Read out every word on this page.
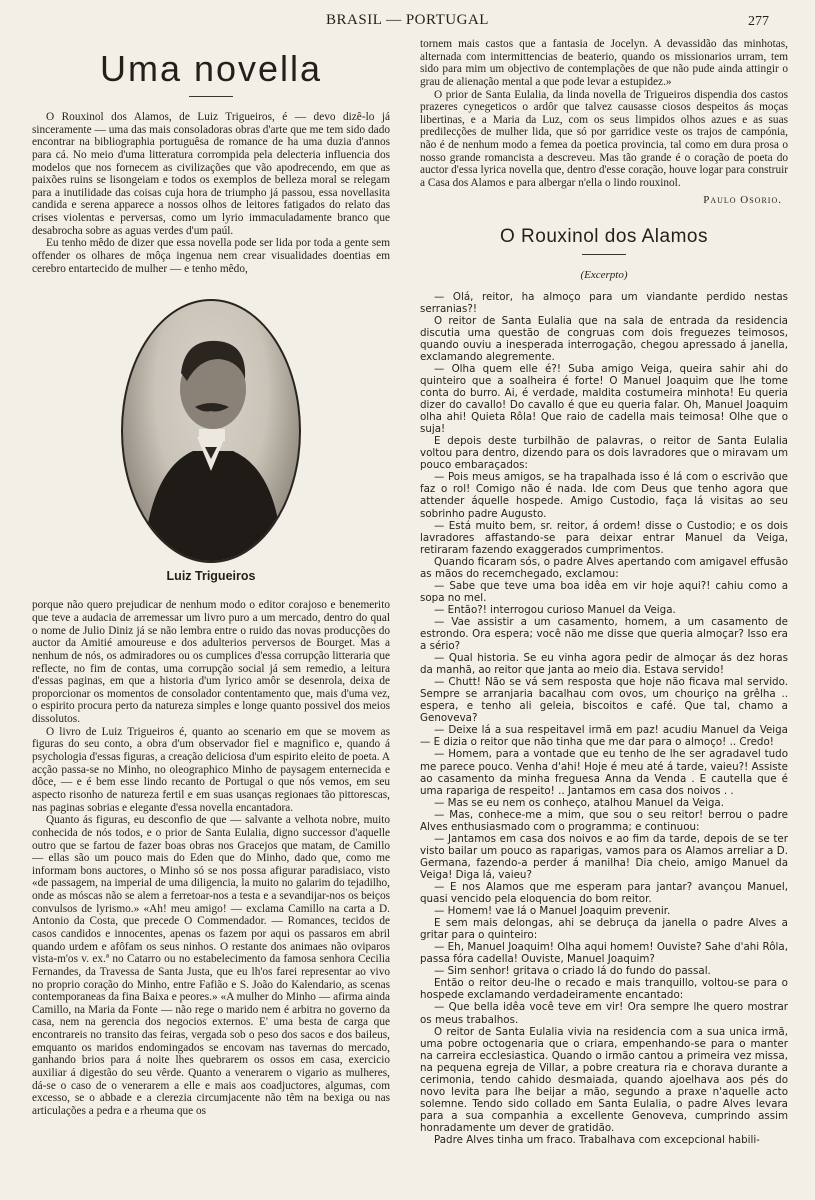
BRASIL — PORTUGAL	277
Uma novella

O Rouxinol dos Alamos, de Luiz Trigueiros, é — devo dizê-lo já sinceramente — uma das mais consoladoras obras d'arte que me tem sido dado encontrar na bibliographia portuguêsa de romance de ha uma duzia d'annos para cá. No meio d'uma litteratura corrompida pela delecteria influencia dos modelos que nos fornecem as civilizações que vão apodrecendo, em que as paixões ruins se lisongeiam e todos os exemplos de belleza moral se relegam para a inutilidade das coisas cuja hora de triumpho já passou, essa novellasita candida e serena apparece a nossos olhos de leitores fatigados do relato das crises violentas e perversas, como um lyrio immaculadamente branco que desabrocha sobre as aguas verdes d'um paúl.

Eu tenho mêdo de dizer que essa novella pode ser lida por toda a gente sem offender os olhares de môça ingenua nem crear visualidades doentias em cerebro entartecido de mulher — e tenho mêdo,

Luiz Trigueiros

porque não quero prejudicar de nenhum modo o editor corajoso e benemerito que teve a audacia de arremessar um livro puro a um mercado, dentro do qual o nome de Julio Diniz já se não lembra entre o ruido das novas producções do auctor da Amitié amoureuse e dos adulterios perversos de Bourget. Mas a nenhum de nós, os admiradores ou os cumplices d'essa corrupção litteraria que reflecte, no fim de contas, uma corrupção social já sem remedio, a leitura d'essas paginas, em que a historia d'um lyrico amôr se desenrola, deixa de proporcionar os momentos de consolador contentamento que, mais d'uma vez, o espirito procura perto da natureza simples e longe quanto possivel dos meios dissolutos.

O livro de Luiz Trigueiros é, quanto ao scenario em que se movem as figuras do seu conto, a obra d'um observador fiel e magnifico e, quando á psychologia d'essas figuras, a creação deliciosa d'um espirito eleito de poeta. A acção passa-se no Minho, no oleographico Minho de paysagem enternecida e dôce, — e é bem esse lindo recanto de Portugal o que nós vemos, em seu aspecto risonho de natureza fertil e em suas usanças regionaes tão pittorescas, nas paginas sobrias e elegante d'essa novella encantadora.

Quanto ás figuras, eu desconfio de que — salvante a velhota nobre, muito conhecida de nós todos, e o prior de Santa Eulalia, digno successor d'aquelle outro que se fartou de fazer boas obras nos Gracejos que matam, de Camillo — ellas são um pouco mais do Eden que do Minho, dado que, como me informam bons auctores, o Minho só se nos possa afigurar paradisiaco, visto «de passagem, na imperial de uma diligencia, la muito no galarim do tejadilho, onde as móscas não se alem a ferretoar-nos a testa e a sevandijar-nos os beiços convulsos de lyrismo.» «Ah! meu amigo! — exclama Camillo na carta a D. Antonio da Costa, que precede O Commendador. — Romances, tecidos de casos candidos e innocentes, apenas os fazem por aqui os passaros em abril quando urdem e afôfam os seus ninhos. O restante dos animaes não oviparos vista-m'os v. ex.ª no Catarro ou no estabelecimento da famosa senhora Cecilia Fernandes, da Travessa de Santa Justa, que eu lh'os farei representar ao vivo no proprio coração do Minho, entre Fafião e S. João do Kalendario, as scenas contemporaneas da fina Baixa e peores.» «A mulher do Minho — afirma ainda Camillo, na Maria da Fonte — não rege o marido nem é arbitra no governo da casa, nem na gerencia dos negocios externos. E' uma besta de carga que encontrareis no transito das feiras, vergada sob o peso dos sacos e dos baileus, emquanto os maridos endomingados se encovam nas tavernas do mercado, ganhando brios para á noite lhes quebrarem os ossos em casa, exercicio auxiliar á digestão do seu vêrde. Quanto a venerarem o vigario as mulheres, dá-se o caso de o venerarem a elle e mais aos coadjuctores, algumas, com excesso, se o abbade e a clerezia circumjacente não têm na bexiga ou nas articulações a pedra e a rheuma que os

tornem mais castos que a fantasia de Jocelyn. A devassidão das minhotas, alternada com intermittencias de beaterio, quando os missionarios urram, tem sido para mim um objectivo de contemplações de que não pude ainda attingir o grau de alienação mental a que pode levar a estupidez.»

O prior de Santa Eulalia, da linda novella de Trigueiros dispendia dos castos prazeres cynegeticos o ardôr que talvez causasse ciosos despeitos ás moças libertinas, e a Maria da Luz, com os seus limpidos olhos azues e as suas predilecções de mulher lida, que só por garridice veste os trajos de campónia, não é de nenhum modo a femea da poetica provincia, tal como em dura prosa o nosso grande romancista a descreveu. Mas tão grande é o coração de poeta do auctor d'essa lyrica novella que, dentro d'esse coração, houve logar para construir a Casa dos Alamos e para albergar n'ella o lindo rouxinol.

Paulo Osorio.
O Rouxinol dos Alamos
(Excerpto)

— Olá, reitor, ha almoço para um viandante perdido nestas serranias?!

O reitor de Santa Eulalia que na sala de entrada da residencia discutia uma questão de congruas com dois freguezes teimosos, quando ouviu a inesperada interrogação, chegou apressado á janella, exclamando alegremente.

— Olha quem elle é?! Suba amigo Veiga, queira sahir ahi do quinteiro que a soalheira é forte! O Manuel Joaquim que lhe tome conta do burro. Ai, é verdade, maldita costumeira minhota! Eu queria dizer do cavallo! Do cavallo é que eu queria falar. Oh, Manuel Joaquim olha ahi! Quieta Rôla! Que raio de cadella mais teimosa! Olhe que o suja!

E depois deste turbilhão de palavras, o reitor de Santa Eulalia voltou para dentro, dizendo para os dois lavradores que o miravam um pouco embaraçados:

— Pois meus amigos, se ha trapalhada isso é lá com o escrivão que faz o rol! Comigo não é nada. Ide com Deus que tenho agora que attender áquelle hospede. Amigo Custodio, faça lá visitas ao seu sobrinho padre Augusto.

— Está muito bem, sr. reitor, á ordem! disse o Custodio; e os dois lavradores affastando-se para deixar entrar Manuel da Veiga, retiraram fazendo exaggerados cumprimentos.

Quando ficaram sós, o padre Alves apertando com amigavel effusão as mãos do recemchegado, exclamou:

— Sabe que teve uma boa idêa em vir hoje aqui?! cahiu como a sopa no mel.

— Então?! interrogou curioso Manuel da Veiga.

— Vae assistir a um casamento, homem, a um casamento de estrondo. Ora espera; você não me disse que queria almoçar? Isso era a sério?

— Qual historia. Se eu vinha agora pedir de almoçar ás dez horas da manhã, ao reitor que janta ao meio dia. Estava servido!

— Chutt! Não se vá sem resposta que hoje não ficava mal servido. Sempre se arranjaria bacalhau com ovos, um chouriço na grêlha .. espera, e tenho ali geleia, biscoitos e café. Que tal, chamo a Genoveva?

— Deixe lá a sua respeitavel irmã em paz! acudiu Manuel da Veiga — E dizia o reitor que não tinha que me dar para o almoço! .. Credo!

— Homem, para a vontade que eu tenho de lhe ser agradavel tudo me parece pouco. Venha d'ahi! Hoje é meu até á tarde, vaieu?! Assiste ao casamento da minha freguesa Anna da Venda . E cautella que é uma rapariga de respeito! .. Jantamos em casa dos noivos . .

— Mas se eu nem os conheço, atalhou Manuel da Veiga.

— Mas, conhece-me a mim, que sou o seu reitor! berrou o padre Alves enthusiasmado com o programma; e continuou:

— Jantamos em casa dos noivos e ao fim da tarde, depois de se ter visto bailar um pouco as raparigas, vamos para os Alamos arreliar a D. Germana, fazendo-a perder á manilha! Dia cheio, amigo Manuel da Veiga! Diga lá, vaieu?

— E nos Alamos que me esperam para jantar? avançou Manuel, quasi vencido pela eloquencia do bom reitor.

— Homem! vae lá o Manuel Joaquim prevenir.

E sem mais delongas, ahi se debruça da janella o padre Alves a gritar para o quinteiro:

— Eh, Manuel Joaquim! Olha aqui homem! Ouviste? Sahe d'ahi Rôla, passa fóra cadella! Ouviste, Manuel Joaquim?

— Sim senhor! gritava o criado lá do fundo do passal.

Então o reitor deu-lhe o recado e mais tranquillo, voltou-se para o hospede exclamando verdadeiramente encantado:

— Que bella idêa você teve em vir! Ora sempre lhe quero mostrar os meus trabalhos.

O reitor de Santa Eulalia vivia na residencia com a sua unica irmã, uma pobre octogenaria que o criara, empenhando-se para o manter na carreira ecclesiastica. Quando o irmão cantou a primeira vez missa, na pequena egreja de Villar, a pobre creatura ria e chorava durante a cerimonia, tendo cahido desmaiada, quando ajoelhava aos pés do novo levita para lhe beijar a mão, segundo a praxe n'aquelle acto solemne. Tendo sido collado em Santa Eulalia, o padre Alves levara para a sua companhia a excellente Genoveva, cumprindo assim honradamente um dever de gratidão.

Padre Alves tinha um fraco. Trabalhava com excepcional habili-
